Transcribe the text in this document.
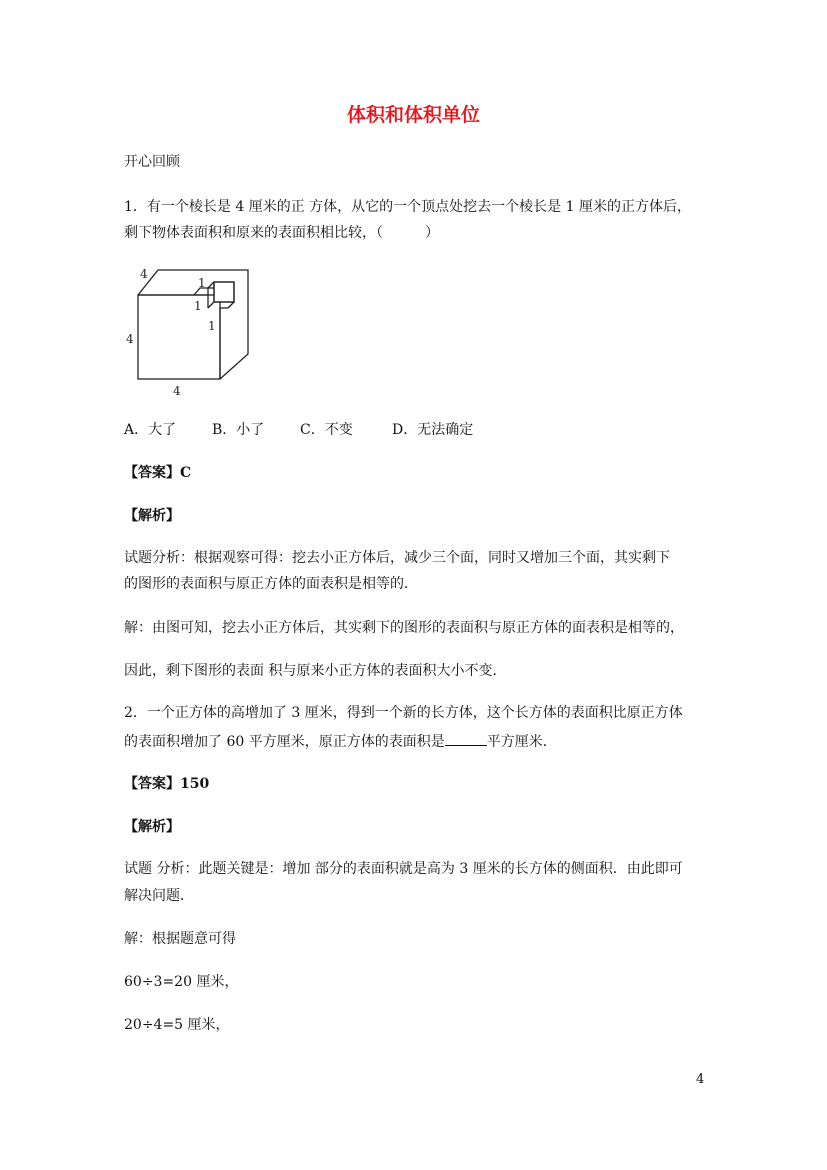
体积和体积单位
开心回顾
1．有一个棱长是 4 厘米的正 方体，从它的一个顶点处挖去一个棱长是 1 厘米的正方体后，
剩下物体表面积和原来的表面积相比较，（　　　）
4
1
1
1
4
4
A．大了	B．小了	C．不变	D．无法确定
【答案】C
【解析】
试题分析：根据观察可得：挖去小正方体后，减少三个面，同时又增加三个面，其实剩下
的图形的表面积与原正方体的面表积是相等的．
解：由图可知，挖去小正方体后，其实剩下的图形的表面积与原正方体的面表积是相等的，
因此，剩下图形的表面 积与原来小正方体的表面积大小不变．
2．一个正方体的高增加了 3 厘米，得到一个新的长方体，这个长方体的表面积比原正方体
的表面积增加了 60 平方厘米，原正方体的表面积是	平方厘米．
【答案】150
【解析】
试题 分析：此题关键是：增加 部分的表面积就是高为 3 厘米的长方体的侧面积．由此即可
解决问题．
解：根据题意可得
60÷3=20 厘米，
20÷4=5 厘米，
4
